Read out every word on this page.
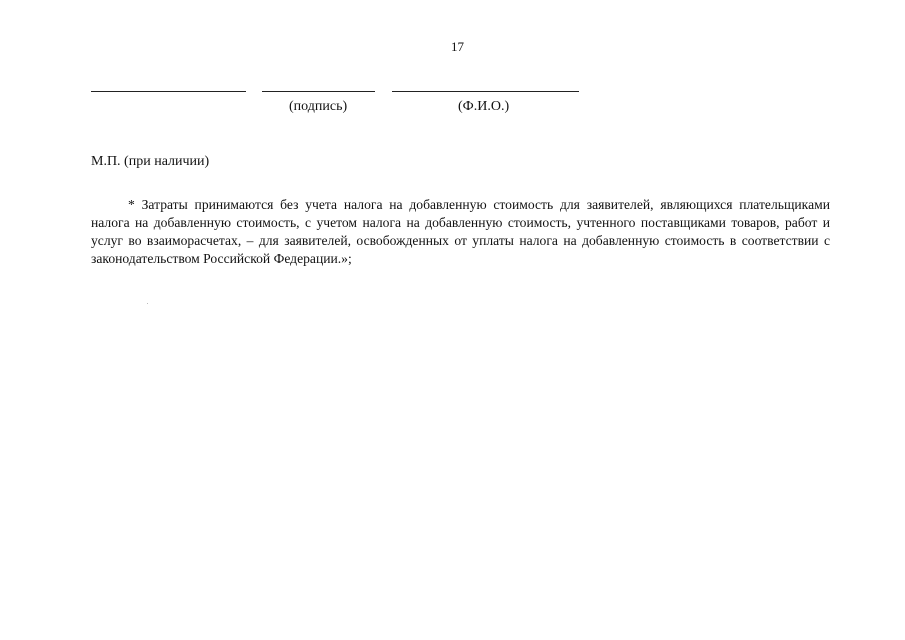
17
(подпись)	(Ф.И.О.)
М.П. (при наличии)

* Затраты принимаются без учета налога на добавленную стоимость для заявителей, являющихся плательщиками налога на добавленную стоимость, с учетом налога на добавленную стоимость, учтенного поставщиками товаров, работ и услуг во взаиморасчетах, – для заявителей, освобожденных от уплаты налога на добавленную стоимость в соответствии с законодательством Российской Федерации.»;
